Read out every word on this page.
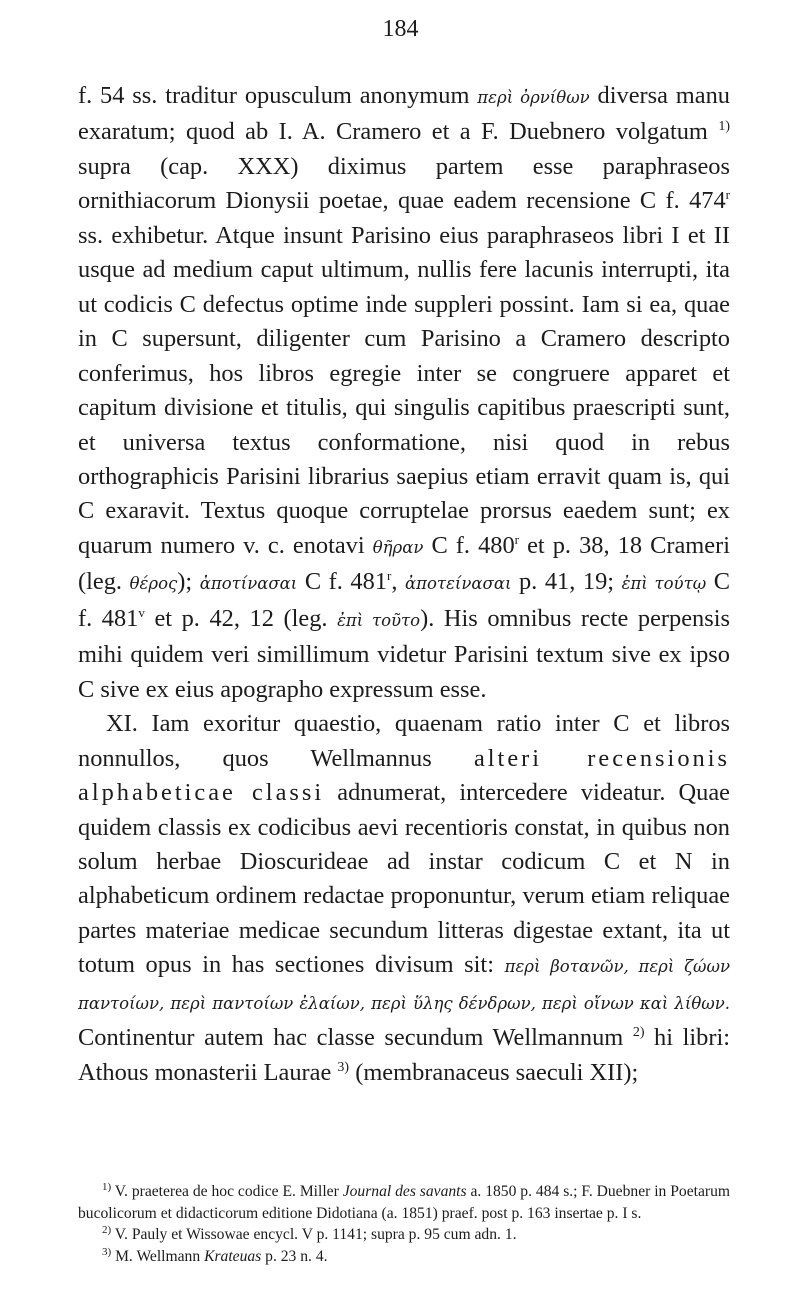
184

f. 54 ss. traditur opusculum anonymum περὶ ὀρνίθων diversa manu exaratum; quod ab I. A. Cramero et a F. Duebnero volgatum $^{1)}$ supra (cap. XXX) diximus partem esse paraphraseos ornithiacorum Dionysii poetae, quae eadem recensione C f. 474$^r$ ss. exhibetur. Atque insunt Parisino eius paraphraseos libri I et II usque ad medium caput ultimum, nullis fere lacunis interrupti, ita ut codicis C defectus optime inde suppleri possint. Iam si ea, quae in C supersunt, diligenter cum Parisino a Cramero descripto conferimus, hos libros egregie inter se congruere apparet et capitum divisione et titulis, qui singulis capitibus praescripti sunt, et universa textus conformatione, nisi quod in rebus orthographicis Parisini librarius saepius etiam erravit quam is, qui C exaravit. Textus quoque corruptelae prorsus eaedem sunt; ex quarum numero v. c. enotavi θῆραν C f. 480$^r$ et p. 38, 18 Crameri (leg. θέρος); ἀποτίνασαι C f. 481$^r$, ἀποτείνασαι p. 41, 19; ἐπὶ τούτῳ C f. 481$^v$ et p. 42, 12 (leg. ἐπὶ τοῦτο). His omnibus recte perpensis mihi quidem veri simillimum videtur Parisini textum sive ex ipso C sive ex eius apographo expressum esse.

XI. Iam exoritur quaestio, quaenam ratio inter C et libros nonnullos, quos Wellmannus alteri recensionis alphabeticae classi adnumerat, intercedere videatur. Quae quidem classis ex codicibus aevi recentioris constat, in quibus non solum herbae Dioscurideae ad instar codicum C et N in alphabeticum ordinem redactae proponuntur, verum etiam reliquae partes materiae medicae secundum litteras digestae extant, ita ut totum opus in has sectiones divisum sit: περὶ βοτανῶν, περὶ ζώων παντοίων, περὶ παντοίων ἐλαίων, περὶ ὕλης δένδρων, περὶ οἴνων καὶ λίθων. Continentur autem hac classe secundum Wellmannum $^{2)}$ hi libri: Athous monasterii Laurae $^{3)}$ (membranaceus saeculi XII);

$^{1)}$ V. praeterea de hoc codice E. Miller Journal des savants a. 1850 p. 484 s.; F. Duebner in Poetarum bucolicorum et didacticorum editione Didotiana (a. 1851) praef. post p. 163 insertae p. I s.

$^{2)}$ V. Pauly et Wissowae encycl. V p. 1141; supra p. 95 cum adn. 1.

$^{3)}$ M. Wellmann Krateuas p. 23 n. 4.
